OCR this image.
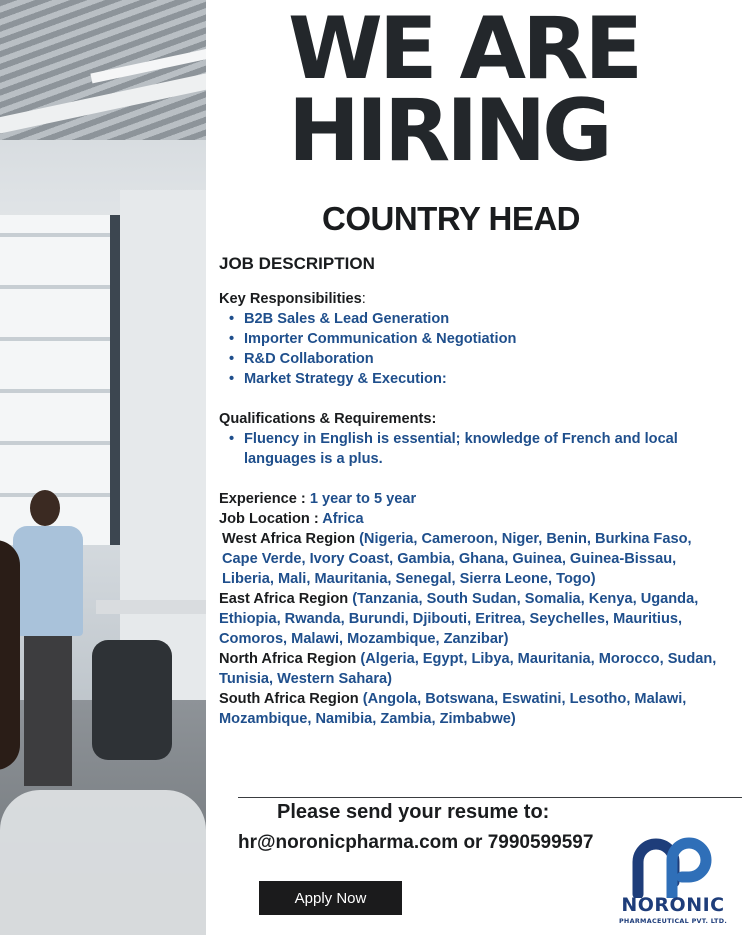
WE ARE
HIRING
COUNTRY HEAD
JOB DESCRIPTION
Key Responsibilities:
• B2B Sales & Lead Generation
• Importer Communication & Negotiation
• R&D Collaboration
• Market Strategy & Execution:
Qualifications & Requirements:
• Fluency in English is essential; knowledge of French and local languages is a plus.
Experience : 1 year to 5 year
Job Location : Africa
West Africa Region (Nigeria, Cameroon, Niger, Benin, Burkina Faso, Cape Verde, Ivory Coast, Gambia, Ghana, Guinea, Guinea-Bissau, Liberia, Mali, Mauritania, Senegal, Sierra Leone, Togo)
East Africa Region (Tanzania, South Sudan, Somalia, Kenya, Uganda, Ethiopia, Rwanda, Burundi, Djibouti, Eritrea, Seychelles, Mauritius, Comoros, Malawi, Mozambique, Zanzibar)
North Africa Region (Algeria, Egypt, Libya, Mauritania, Morocco, Sudan, Tunisia, Western Sahara)
South Africa Region (Angola, Botswana, Eswatini, Lesotho, Malawi, Mozambique, Namibia, Zambia, Zimbabwe)
Please send your resume to:
hr@noronicpharma.com or 7990599597
Apply Now	NORONIC
PHARMACEUTICAL PVT. LTD.
